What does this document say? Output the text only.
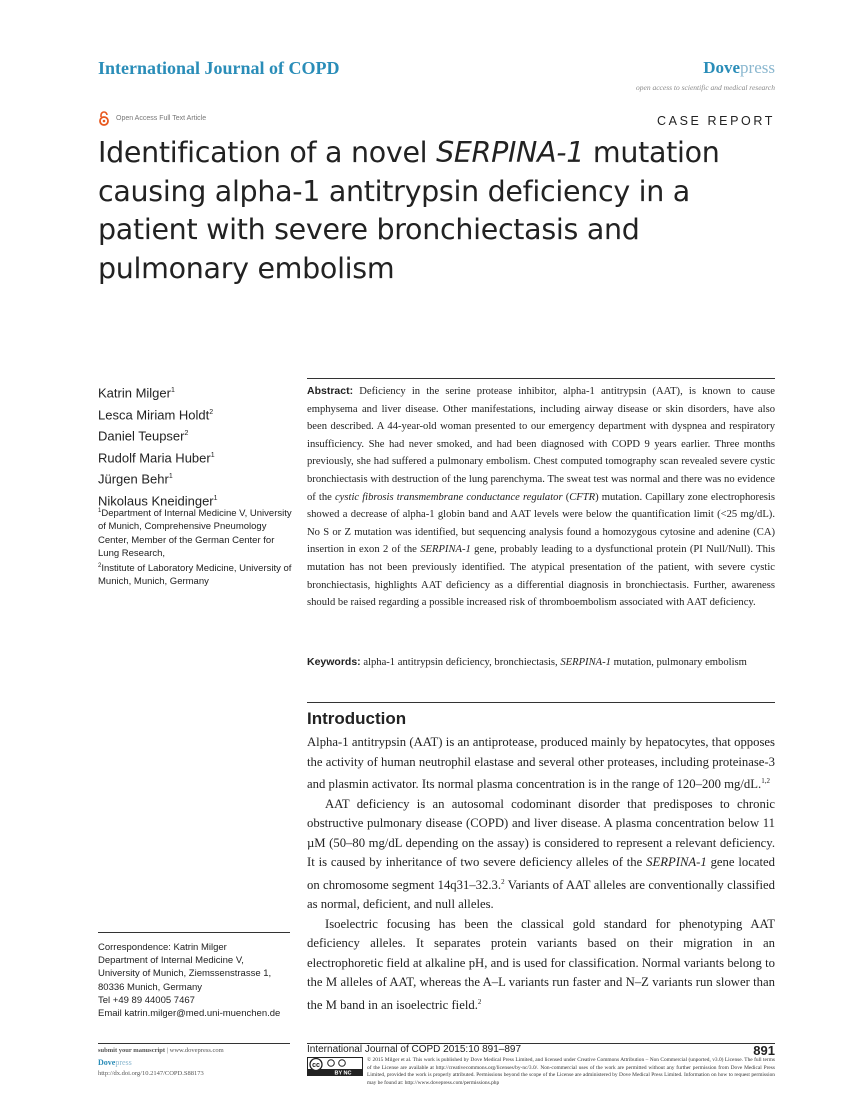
International Journal of COPD	Dovepress
open access to scientific and medical research
Open Access Full Text Article	CASE REPORT
Identification of a novel SERPINA-1 mutation causing alpha-1 antitrypsin deficiency in a patient with severe bronchiectasis and pulmonary embolism
Katrin Milger$^1$
Lesca Miriam Holdt$^2$
Daniel Teupser$^2$
Rudolf Maria Huber$^1$
Jürgen Behr$^1$
Nikolaus Kneidinger$^1$
$^1$Department of Internal Medicine V, University of Munich, Comprehensive Pneumology Center, Member of the German Center for Lung Research,
$^2$Institute of Laboratory Medicine, University of Munich, Munich, Germany
Correspondence: Katrin Milger
Department of Internal Medicine V,
University of Munich, Ziemssenstrasse 1,
80336 Munich, Germany
Tel +49 89 44005 7467
Email katrin.milger@med.uni-muenchen.de

Abstract: Deficiency in the serine protease inhibitor, alpha-1 antitrypsin (AAT), is known to cause emphysema and liver disease. Other manifestations, including airway disease or skin disorders, have also been described. A 44-year-old woman presented to our emergency department with dyspnea and respiratory insufficiency. She had never smoked, and had been diagnosed with COPD 9 years earlier. Three months previously, she had suffered a pulmonary embolism. Chest computed tomography scan revealed severe cystic bronchiectasis with destruction of the lung parenchyma. The sweat test was normal and there was no evidence of the cystic fibrosis transmembrane conductance regulator (CFTR) mutation. Capillary zone electrophoresis showed a decrease of alpha-1 globin band and AAT levels were below the quantification limit (<25 mg/dL). No S or Z mutation was identified, but sequencing analysis found a homozygous cytosine and adenine (CA) insertion in exon 2 of the SERPINA-1 gene, probably leading to a dysfunctional protein (PI Null/Null). This mutation has not been previously identified. The atypical presentation of the patient, with severe cystic bronchiectasis, highlights AAT deficiency as a differential diagnosis in bronchiectasis. Further, awareness should be raised regarding a possible increased risk of thromboembolism associated with AAT deficiency.

Keywords: alpha-1 antitrypsin deficiency, bronchiectasis, SERPINA-1 mutation, pulmonary embolism

Introduction

Alpha-1 antitrypsin (AAT) is an antiprotease, produced mainly by hepatocytes, that opposes the activity of human neutrophil elastase and several other proteases, including proteinase-3 and plasmin activator. Its normal plasma concentration is in the range of 120–200 mg/dL.$^{1,2}$

AAT deficiency is an autosomal codominant disorder that predisposes to chronic obstructive pulmonary disease (COPD) and liver disease. A plasma concentration below 11 µM (50–80 mg/dL depending on the assay) is considered to represent a relevant deficiency. It is caused by inheritance of two severe deficiency alleles of the SERPINA-1 gene located on chromosome segment 14q31–32.3.$^2$ Variants of AAT alleles are conventionally classified as normal, deficient, and null alleles.

Isoelectric focusing has been the classical gold standard for phenotyping AAT deficiency alleles. It separates protein variants based on their migration in an electrophoretic field at alkaline pH, and is used for classification. Normal variants belong to the M alleles of AAT, whereas the A–L variants run faster and N–Z variants run slower than the M band in an isoelectric field.$^2$

submit your manuscript | www.dovepress.com
Dovepress
http://dx.doi.org/10.2147/COPD.S88173
International Journal of COPD 2015:10 891–897	891
cc
BY NC

© 2015 Milger et al. This work is published by Dove Medical Press Limited, and licensed under Creative Commons Attribution – Non Commercial (unported, v3.0) License. The full terms of the License are available at http://creativecommons.org/licenses/by-nc/3.0/. Non-commercial uses of the work are permitted without any further permission from Dove Medical Press Limited, provided the work is properly attributed. Permissions beyond the scope of the License are administered by Dove Medical Press Limited. Information on how to request permission may be found at: http://www.dovepress.com/permissions.php
